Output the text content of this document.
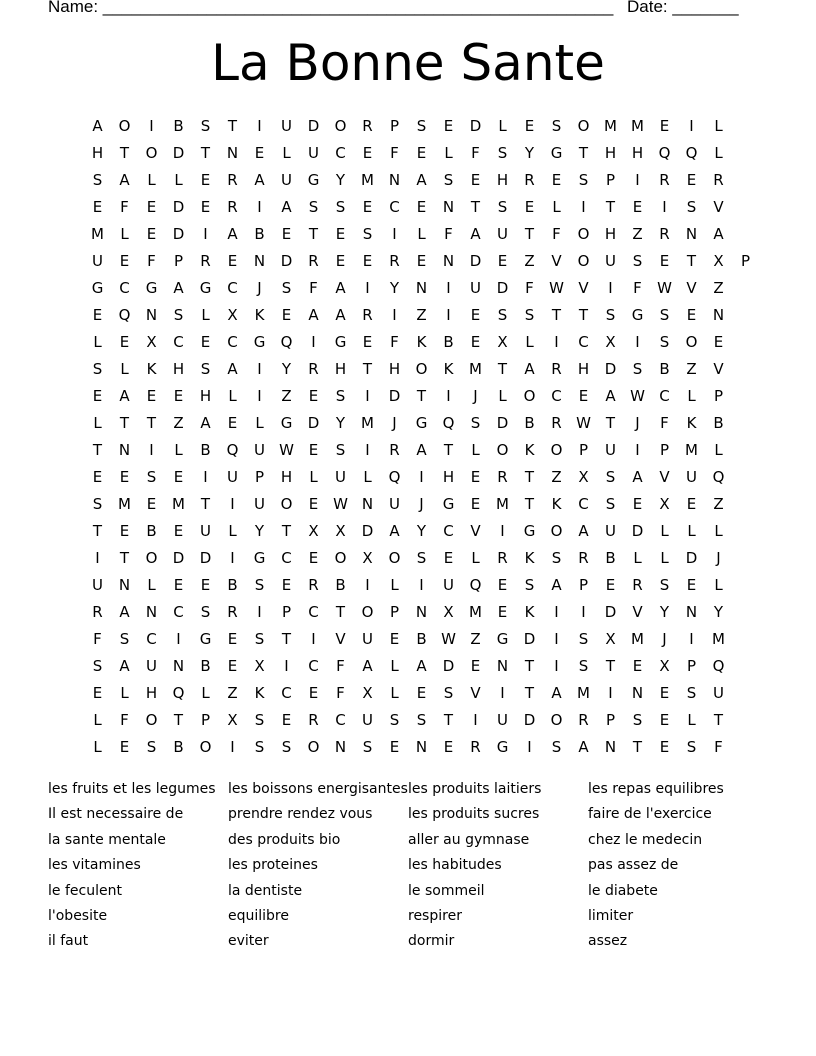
Name: ______________________________________________________ Date: _______
La Bonne Sante
A O I B S T I U D O R P S E D L E S O M M E I L
H T O D T N E L U C E F E L F S Y G T H H Q Q L
S A L L E R A U G Y M N A S E H R E S P I R E R
E F E D E R I A S S E C E N T S E L I T E I S V
M L E D I A B E T E S I L F A U T F O H Z R N A
U E F P R E N D R E E R E N D E Z V O U S E T X P
G C G A G C J S F A I Y N I U D F W V I F W V Z
E Q N S L X K E A A R I Z I E S S T T S G S E N
L E X C E C G Q I G E F K B E X L I C X I S O E
S L K H S A I Y R H T H O K M T A R H D S B Z V
E A E E H L I Z E S I D T I J L O C E A W C L P
L T T Z A E L G D Y M J G Q S D B R W T J F K B
T N I L B Q U W E S I R A T L O K O P U I P M L
E E S E I U P H L U L Q I H E R T Z X S A V U Q
S M E M T I U O E W N U J G E M T K C S E X E Z
T E B E U L Y T X X D A Y C V I G O A U D L L L
I T O D D I G C E O X O S E L R K S R B L L D J
U N L E E B S E R B I L I U Q E S A P E R S E L
R A N C S R I P C T O P N X M E K I I D V Y N Y
F S C I G E S T I V U E B W Z G D I S X M J I M
S A U N B E X I C F A L A D E N T I S T E X P Q
E L H Q L Z K C E F X L E S V I T A M I N E S U
L F O T P X S E R C U S S T I U D O R P S E L T
L E S B O I S S O N S E N E R G I S A N T E S F
les fruits et les legumes
Il est necessaire de
la sante mentale
les vitamines
le feculent
l'obesite
il faut
les boissons energisantes
prendre rendez vous
des produits bio
les proteines
la dentiste
equilibre
eviter
les produits laitiers
les produits sucres
aller au gymnase
les habitudes
le sommeil
respirer
dormir
les repas equilibres
faire de l'exercice
chez le medecin
pas assez de
le diabete
limiter
assez
